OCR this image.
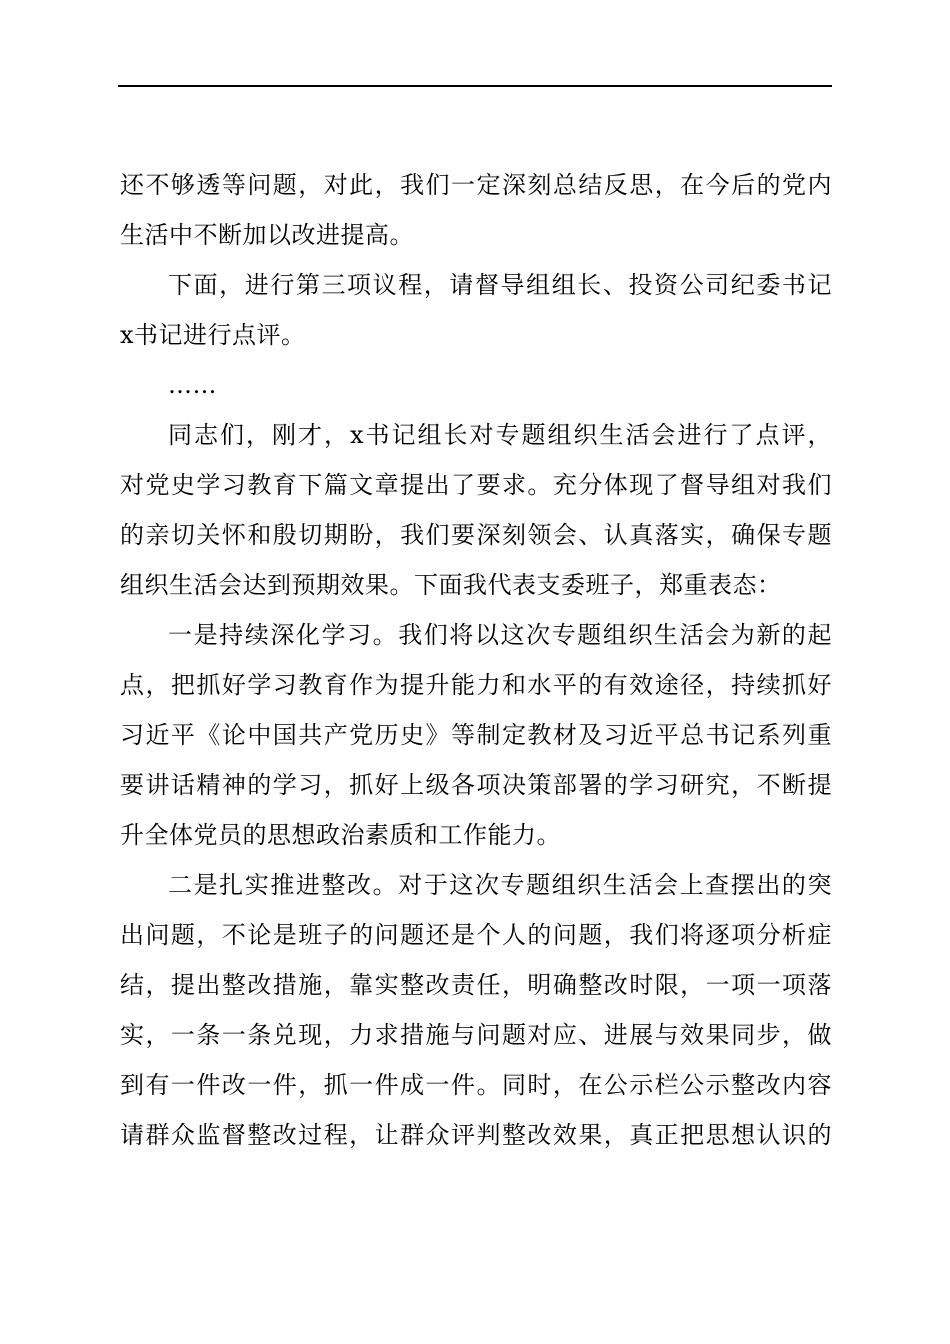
还不够透等问题，对此，我们一定深刻总结反思，在今后的党内
生活中不断加以改进提高。
下面，进行第三项议程，请督导组组长、投资公司纪委书记
x书记进行点评。
……
同志们，刚才，x书记组长对专题组织生活会进行了点评，
对党史学习教育下篇文章提出了要求。充分体现了督导组对我们
的亲切关怀和殷切期盼，我们要深刻领会、认真落实，确保专题
组织生活会达到预期效果。下面我代表支委班子，郑重表态：
一是持续深化学习。我们将以这次专题组织生活会为新的起
点，把抓好学习教育作为提升能力和水平的有效途径，持续抓好
习近平《论中国共产党历史》等制定教材及习近平总书记系列重
要讲话精神的学习，抓好上级各项决策部署的学习研究，不断提
升全体党员的思想政治素质和工作能力。
二是扎实推进整改。对于这次专题组织生活会上查摆出的突
出问题，不论是班子的问题还是个人的问题，我们将逐项分析症
结，提出整改措施，靠实整改责任，明确整改时限，一项一项落
实，一条一条兑现，力求措施与问题对应、进展与效果同步，做
到有一件改一件，抓一件成一件。同时，在公示栏公示整改内容
请群众监督整改过程，让群众评判整改效果，真正把思想认识的
